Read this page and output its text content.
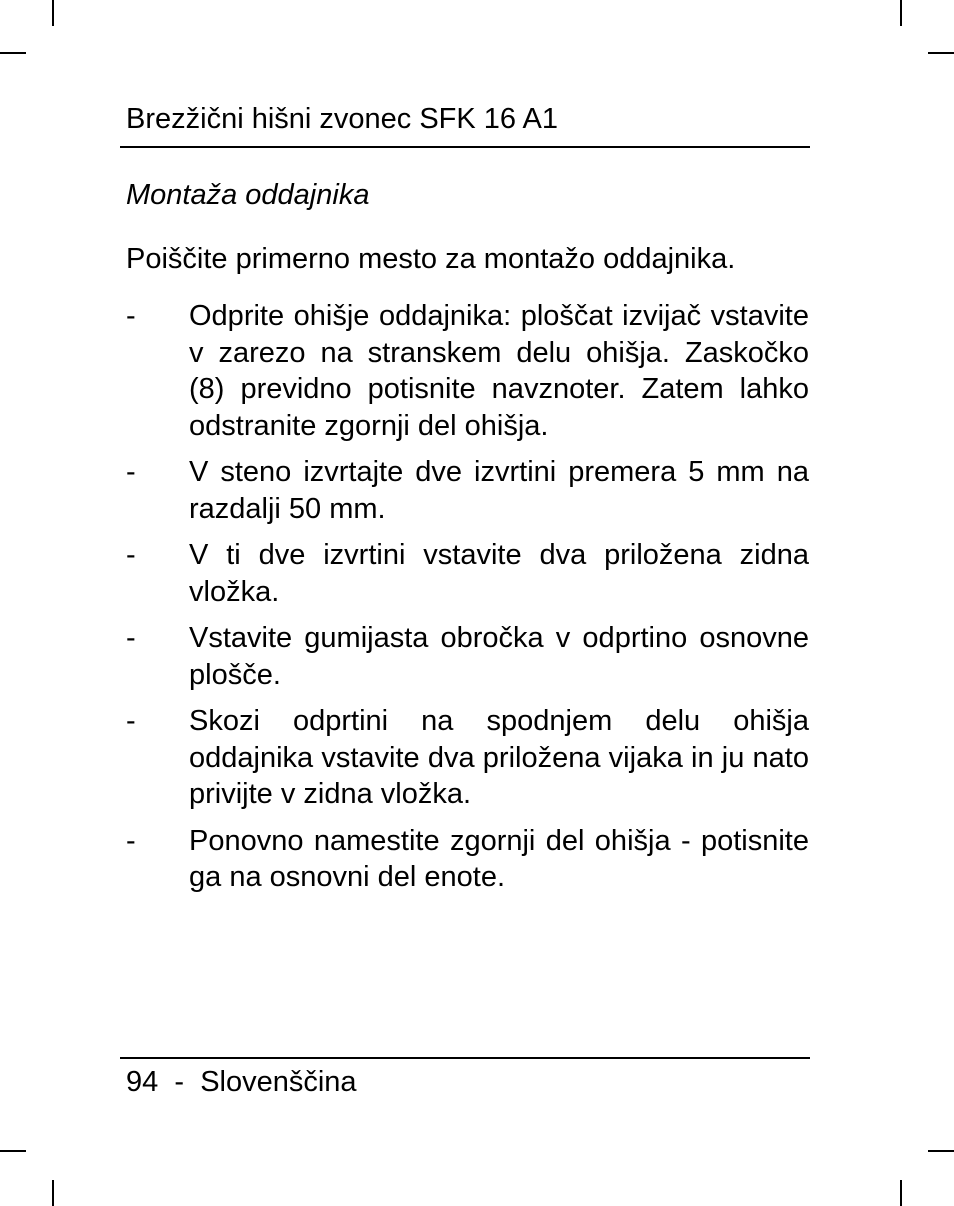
Brezžični hišni zvonec SFK 16 A1

Montaža oddajnika

Poiščite primerno mesto za montažo oddajnika.

-	Odprite ohišje oddajnika: ploščat izvijač vstavite v zarezo na stranskem delu ohišja. Zaskočko (8) previdno potisnite navznoter. Zatem lahko odstranite zgornji del ohišja.
-	V steno izvrtajte dve izvrtini premera 5 mm na razdalji 50 mm.
-	V ti dve izvrtini vstavite dva priložena zidna vložka.
-	Vstavite gumijasta obročka v odprtino osnovne plošče.
-	Skozi odprtini na spodnjem delu ohišja oddajnika vstavite dva priložena vijaka in ju nato privijte v zidna vložka.
-	Ponovno namestite zgornji del ohišja - potisnite ga na osnovni del enote.
94 - Slovenščina
